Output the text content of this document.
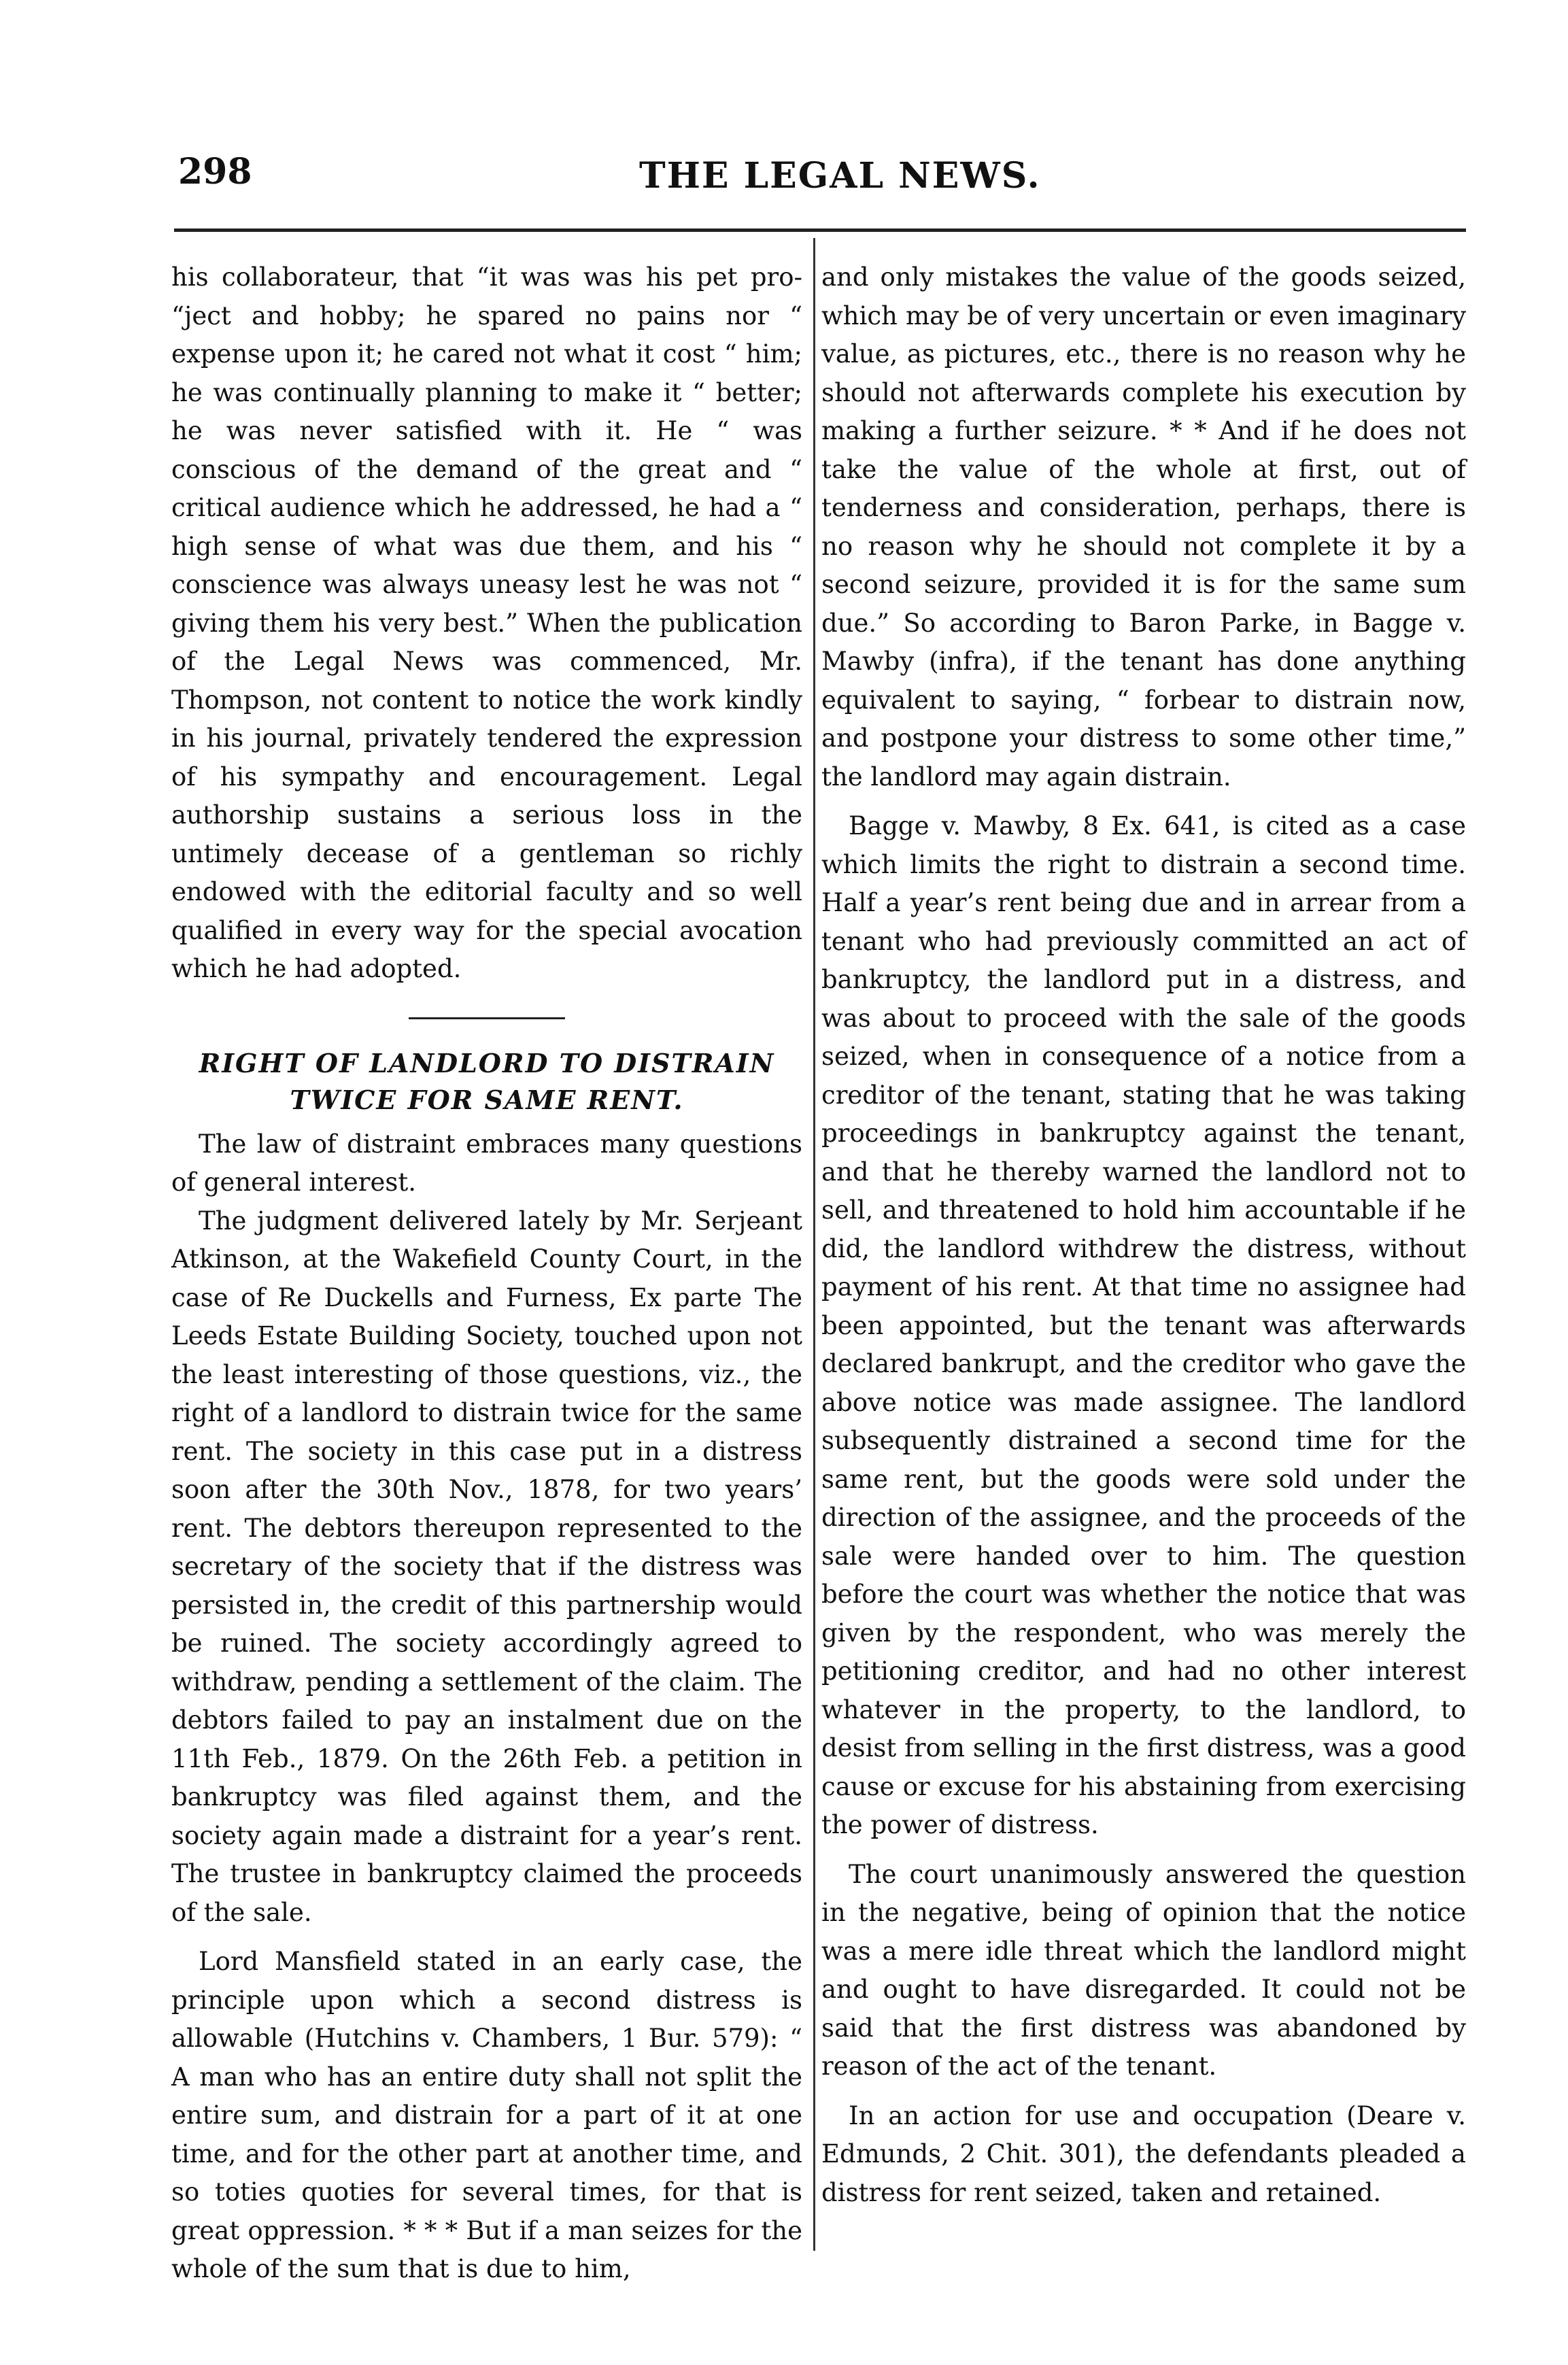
298	THE LEGAL NEWS.

his collaborateur, that “it was was his pet pro- “ject and hobby; he spared no pains nor “ expense upon it; he cared not what it cost “ him; he was continually planning to make it “ better; he was never satisfied with it. He “ was conscious of the demand of the great and “ critical audience which he addressed, he had a “ high sense of what was due them, and his “ conscience was always uneasy lest he was not “ giving them his very best.” When the publication of the Legal News was commenced, Mr. Thompson, not content to notice the work kindly in his journal, privately tendered the expression of his sympathy and encouragement. Legal authorship sustains a serious loss in the untimely decease of a gentleman so richly endowed with the editorial faculty and so well qualified in every way for the special avocation which he had adopted.

RIGHT OF LANDLORD TO DISTRAIN
TWICE FOR SAME RENT.

The law of distraint embraces many questions of general interest.

The judgment delivered lately by Mr. Serjeant Atkinson, at the Wakefield County Court, in the case of Re Duckells and Furness, Ex parte The Leeds Estate Building Society, touched upon not the least interesting of those questions, viz., the right of a landlord to distrain twice for the same rent. The society in this case put in a distress soon after the 30th Nov., 1878, for two years’ rent. The debtors thereupon represented to the secretary of the society that if the distress was persisted in, the credit of this partnership would be ruined. The society accordingly agreed to withdraw, pending a settlement of the claim. The debtors failed to pay an instalment due on the 11th Feb., 1879. On the 26th Feb. a petition in bankruptcy was filed against them, and the society again made a distraint for a year’s rent. The trustee in bankruptcy claimed the proceeds of the sale.

Lord Mansfield stated in an early case, the principle upon which a second distress is allowable (Hutchins v. Chambers, 1 Bur. 579): “ A man who has an entire duty shall not split the entire sum, and distrain for a part of it at one time, and for the other part at another time, and so toties quoties for several times, for that is great oppression. * * * But if a man seizes for the whole of the sum that is due to him,

and only mistakes the value of the goods seized, which may be of very uncertain or even imaginary value, as pictures, etc., there is no reason why he should not afterwards complete his execution by making a further seizure. * * And if he does not take the value of the whole at first, out of tenderness and consideration, perhaps, there is no reason why he should not complete it by a second seizure, provided it is for the same sum due.” So according to Baron Parke, in Bagge v. Mawby (infra), if the tenant has done anything equivalent to saying, “ forbear to distrain now, and postpone your distress to some other time,” the landlord may again distrain.

Bagge v. Mawby, 8 Ex. 641, is cited as a case which limits the right to distrain a second time. Half a year’s rent being due and in arrear from a tenant who had previously committed an act of bankruptcy, the landlord put in a distress, and was about to proceed with the sale of the goods seized, when in consequence of a notice from a creditor of the tenant, stating that he was taking proceedings in bankruptcy against the tenant, and that he thereby warned the landlord not to sell, and threatened to hold him accountable if he did, the landlord withdrew the distress, without payment of his rent. At that time no assignee had been appointed, but the tenant was afterwards declared bankrupt, and the creditor who gave the above notice was made assignee. The landlord subsequently distrained a second time for the same rent, but the goods were sold under the direction of the assignee, and the proceeds of the sale were handed over to him. The question before the court was whether the notice that was given by the respondent, who was merely the petitioning creditor, and had no other interest whatever in the property, to the landlord, to desist from selling in the first distress, was a good cause or excuse for his abstaining from exercising the power of distress.

The court unanimously answered the question in the negative, being of opinion that the notice was a mere idle threat which the landlord might and ought to have disregarded. It could not be said that the first distress was abandoned by reason of the act of the tenant.

In an action for use and occupation (Deare v. Edmunds, 2 Chit. 301), the defendants pleaded a distress for rent seized, taken and retained.
